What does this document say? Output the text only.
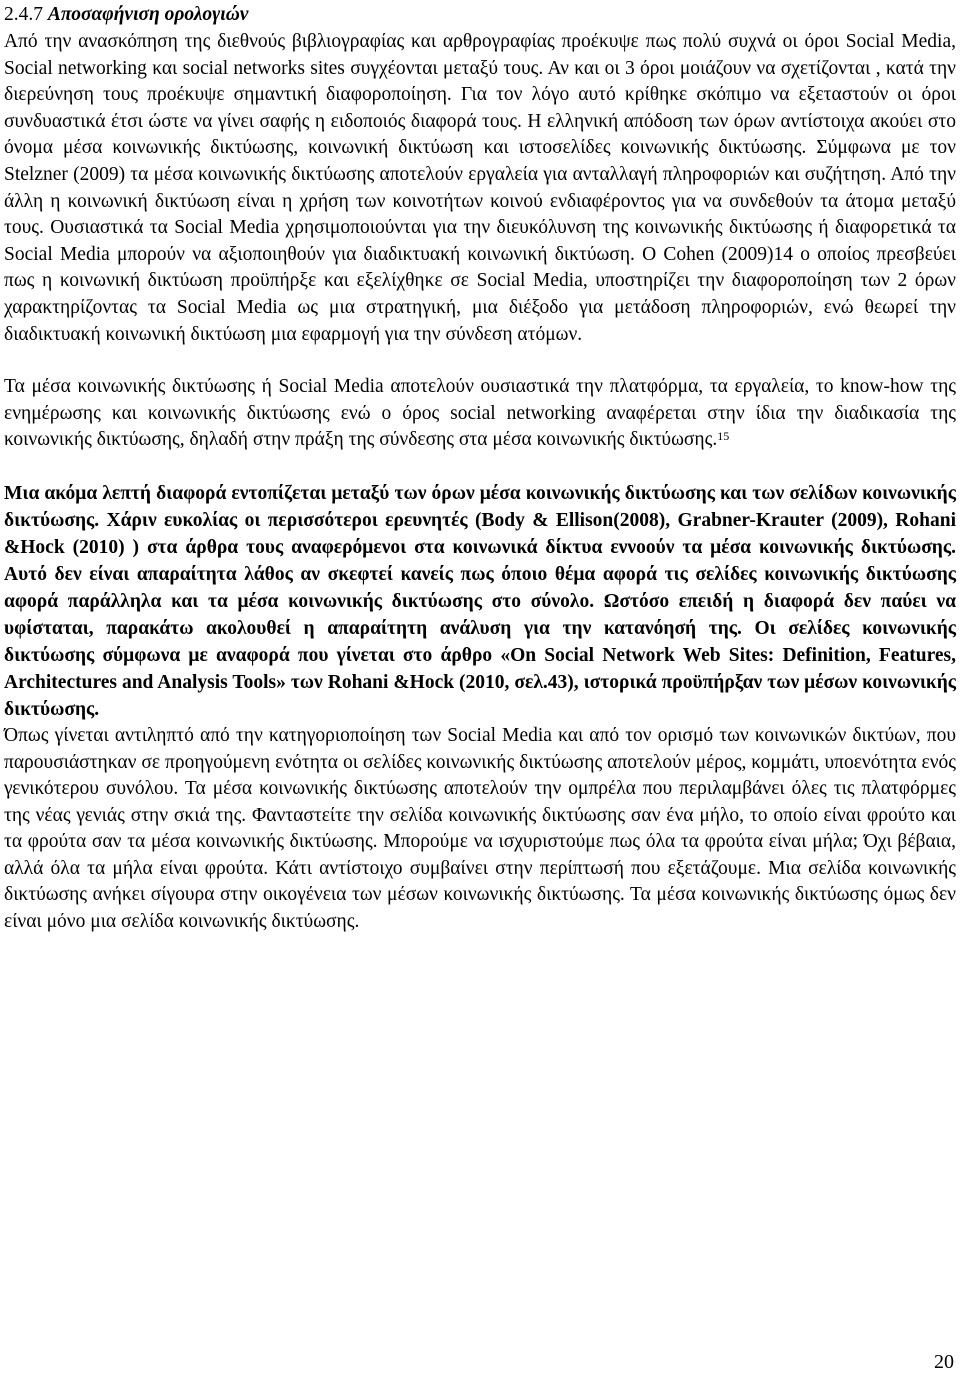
2.4.7 Αποσαφήνιση ορολογιών

Από την ανασκόπηση της διεθνούς βιβλιογραφίας και αρθρογραφίας προέκυψε πως πολύ συχνά οι όροι Social Media, Social networking και social networks sites συγχέονται μεταξύ τους. Αν και οι 3 όροι μοιάζουν να σχετίζονται , κατά την διερεύνηση τους προέκυψε σημαντική διαφοροποίηση. Για τον λόγο αυτό κρίθηκε σκόπιμο να εξεταστούν οι όροι συνδυαστικά έτσι ώστε να γίνει σαφής η ειδοποιός διαφορά τους. Η ελληνική απόδοση των όρων αντίστοιχα ακούει στο όνομα μέσα κοινωνικής δικτύωσης, κοινωνική δικτύωση και ιστοσελίδες κοινωνικής δικτύωσης. Σύμφωνα με τον Stelzner (2009) τα μέσα κοινωνικής δικτύωσης αποτελούν εργαλεία για ανταλλαγή πληροφοριών και συζήτηση. Από την άλλη η κοινωνική δικτύωση είναι η χρήση των κοινοτήτων κοινού ενδιαφέροντος για να συνδεθούν τα άτομα μεταξύ τους. Ουσιαστικά τα Social Media χρησιμοποιούνται για την διευκόλυνση της κοινωνικής δικτύωσης ή διαφορετικά τα Social Media μπορούν να αξιοποιηθούν για διαδικτυακή κοινωνική δικτύωση. Ο Cohen (2009)14 ο οποίος πρεσβεύει πως η κοινωνική δικτύωση προϋπήρξε και εξελίχθηκε σε Social Media, υποστηρίζει την διαφοροποίηση των 2 όρων χαρακτηρίζοντας τα Social Media ως μια στρατηγική, μια διέξοδο για μετάδοση πληροφοριών, ενώ θεωρεί την διαδικτυακή κοινωνική δικτύωση μια εφαρμογή για την σύνδεση ατόμων.

Τα μέσα κοινωνικής δικτύωσης ή Social Media αποτελούν ουσιαστικά την πλατφόρμα, τα εργαλεία, το know-how της ενημέρωσης και κοινωνικής δικτύωσης ενώ ο όρος social networking αναφέρεται στην ίδια την διαδικασία της κοινωνικής δικτύωσης, δηλαδή στην πράξη της σύνδεσης στα μέσα κοινωνικής δικτύωσης.$^{15}$

Μια ακόμα λεπτή διαφορά εντοπίζεται μεταξύ των όρων μέσα κοινωνικής δικτύωσης και των σελίδων κοινωνικής δικτύωσης. Χάριν ευκολίας οι περισσότεροι ερευνητές (Body & Ellison(2008), Grabner-Krauter (2009), Rohani &Hock (2010) ) στα άρθρα τους αναφερόμενοι στα κοινωνικά δίκτυα εννοούν τα μέσα κοινωνικής δικτύωσης. Αυτό δεν είναι απαραίτητα λάθος αν σκεφτεί κανείς πως όποιο θέμα αφορά τις σελίδες κοινωνικής δικτύωσης αφορά παράλληλα και τα μέσα κοινωνικής δικτύωσης στο σύνολο. Ωστόσο επειδή η διαφορά δεν παύει να υφίσταται, παρακάτω ακολουθεί η απαραίτητη ανάλυση για την κατανόησή της. Οι σελίδες κοινωνικής δικτύωσης σύμφωνα με αναφορά που γίνεται στο άρθρο «On Social Network Web Sites: Definition, Features, Architectures and Analysis Tools» των Rohani &Hock (2010, σελ.43), ιστορικά προϋπήρξαν των μέσων κοινωνικής δικτύωσης.

Όπως γίνεται αντιληπτό από την κατηγοριοποίηση των Social Media και από τον ορισμό των κοινωνικών δικτύων, που παρουσιάστηκαν σε προηγούμενη ενότητα οι σελίδες κοινωνικής δικτύωσης αποτελούν μέρος, κομμάτι, υποενότητα ενός γενικότερου συνόλου. Τα μέσα κοινωνικής δικτύωσης αποτελούν την ομπρέλα που περιλαμβάνει όλες τις πλατφόρμες της νέας γενιάς στην σκιά της. Φανταστείτε την σελίδα κοινωνικής δικτύωσης σαν ένα μήλο, το οποίο είναι φρούτο και τα φρούτα σαν τα μέσα κοινωνικής δικτύωσης. Μπορούμε να ισχυριστούμε πως όλα τα φρούτα είναι μήλα; Όχι βέβαια, αλλά όλα τα μήλα είναι φρούτα. Κάτι αντίστοιχο συμβαίνει στην περίπτωσή που εξετάζουμε. Μια σελίδα κοινωνικής δικτύωσης ανήκει σίγουρα στην οικογένεια των μέσων κοινωνικής δικτύωσης. Τα μέσα κοινωνικής δικτύωσης όμως δεν είναι μόνο μια σελίδα κοινωνικής δικτύωσης.

20
